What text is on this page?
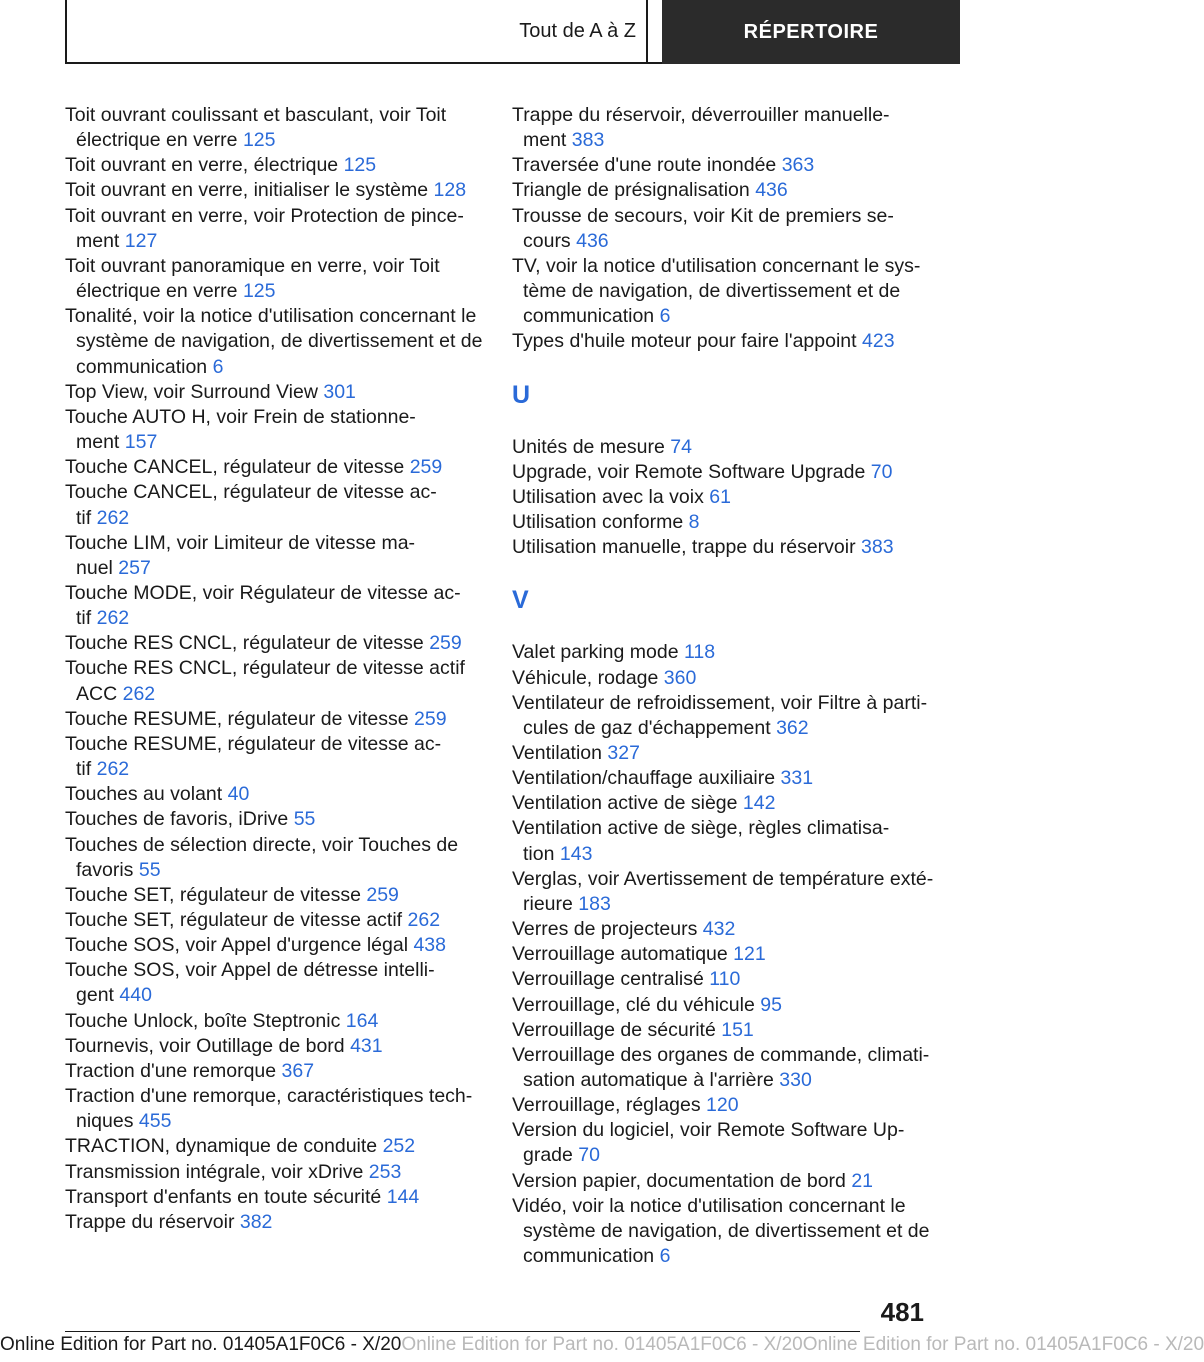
Tout de A à Z	RÉPERTOIRE
Toit ouvrant coulissant et basculant, voir Toit
électrique en verre 125
Toit ouvrant en verre, électrique 125
Toit ouvrant en verre, initialiser le système 128
Toit ouvrant en verre, voir Protection de pince‐
ment 127
Toit ouvrant panoramique en verre, voir Toit
électrique en verre 125
Tonalité, voir la notice d'utilisation concernant le
système de navigation, de divertissement et de
communication 6
Top View, voir Surround View 301
Touche AUTO H, voir Frein de stationne‐
ment 157
Touche CANCEL, régulateur de vitesse 259
Touche CANCEL, régulateur de vitesse ac‐
tif 262
Touche LIM, voir Limiteur de vitesse ma‐
nuel 257
Touche MODE, voir Régulateur de vitesse ac‐
tif 262
Touche RES CNCL, régulateur de vitesse 259
Touche RES CNCL, régulateur de vitesse actif
ACC 262
Touche RESUME, régulateur de vitesse 259
Touche RESUME, régulateur de vitesse ac‐
tif 262
Touches au volant 40
Touches de favoris, iDrive 55
Touches de sélection directe, voir Touches de
favoris 55
Touche SET, régulateur de vitesse 259
Touche SET, régulateur de vitesse actif 262
Touche SOS, voir Appel d'urgence légal 438
Touche SOS, voir Appel de détresse intelli‐
gent 440
Touche Unlock, boîte Steptronic 164
Tournevis, voir Outillage de bord 431
Traction d'une remorque 367
Traction d'une remorque, caractéristiques tech‐
niques 455
TRACTION, dynamique de conduite 252
Transmission intégrale, voir xDrive 253
Transport d'enfants en toute sécurité 144
Trappe du réservoir 382
Trappe du réservoir, déverrouiller manuelle‐
ment 383
Traversée d'une route inondée 363
Triangle de présignalisation 436
Trousse de secours, voir Kit de premiers se‐
cours 436
TV, voir la notice d'utilisation concernant le sys‐
tème de navigation, de divertissement et de
communication 6
Types d'huile moteur pour faire l'appoint 423
U
Unités de mesure 74
Upgrade, voir Remote Software Upgrade 70
Utilisation avec la voix 61
Utilisation conforme 8
Utilisation manuelle, trappe du réservoir 383
V
Valet parking mode 118
Véhicule, rodage 360
Ventilateur de refroidissement, voir Filtre à parti‐
cules de gaz d'échappement 362
Ventilation 327
Ventilation/chauffage auxiliaire 331
Ventilation active de siège 142
Ventilation active de siège, règles climatisa‐
tion 143
Verglas, voir Avertissement de température exté‐
rieure 183
Verres de projecteurs 432
Verrouillage automatique 121
Verrouillage centralisé 110
Verrouillage, clé du véhicule 95
Verrouillage de sécurité 151
Verrouillage des organes de commande, climati‐
sation automatique à l'arrière 330
Verrouillage, réglages 120
Version du logiciel, voir Remote Software Up‐
grade 70
Version papier, documentation de bord 21
Vidéo, voir la notice d'utilisation concernant le
système de navigation, de divertissement et de
communication 6
481
Online Edition for Part no. 01405A1F0C6 - X/20Online Edition for Part no. 01405A1F0C6 - X/20Online Edition for Part no. 01405A1F0C6 - X/20
